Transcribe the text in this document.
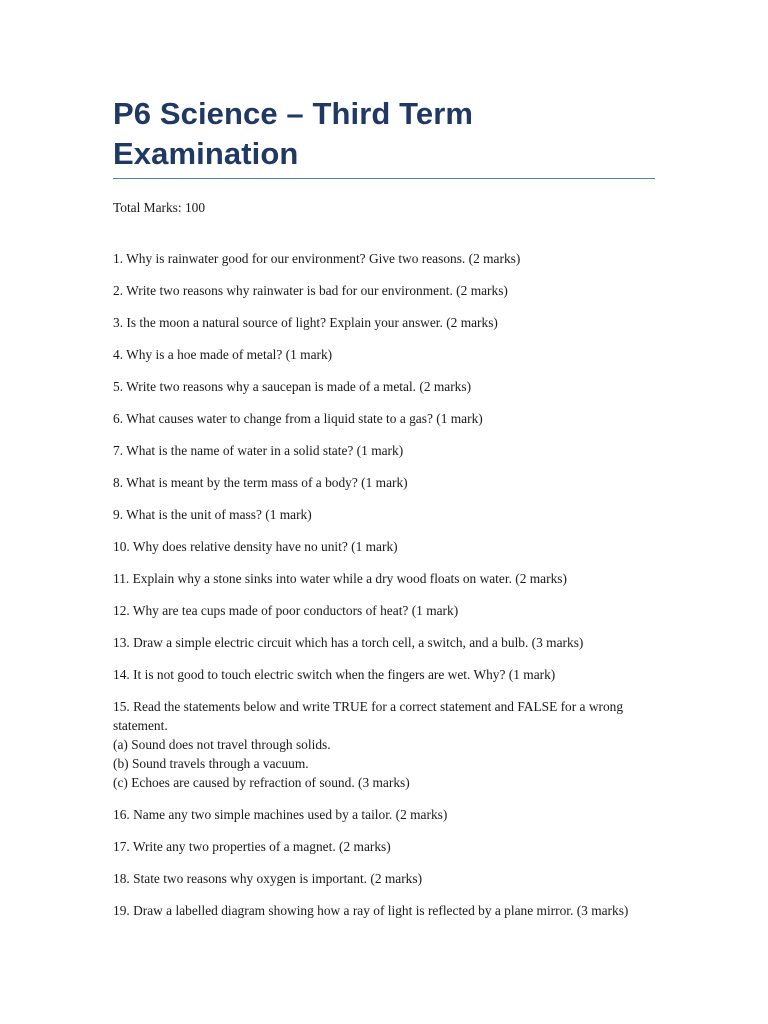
P6 Science – Third Term Examination

Total Marks: 100

1. Why is rainwater good for our environment? Give two reasons. (2 marks)

2. Write two reasons why rainwater is bad for our environment. (2 marks)

3. Is the moon a natural source of light? Explain your answer. (2 marks)

4. Why is a hoe made of metal? (1 mark)

5. Write two reasons why a saucepan is made of a metal. (2 marks)

6. What causes water to change from a liquid state to a gas? (1 mark)

7. What is the name of water in a solid state? (1 mark)

8. What is meant by the term mass of a body? (1 mark)

9. What is the unit of mass? (1 mark)

10. Why does relative density have no unit? (1 mark)

11. Explain why a stone sinks into water while a dry wood floats on water. (2 marks)

12. Why are tea cups made of poor conductors of heat? (1 mark)

13. Draw a simple electric circuit which has a torch cell, a switch, and a bulb. (3 marks)

14. It is not good to touch electric switch when the fingers are wet. Why? (1 mark)

15. Read the statements below and write TRUE for a correct statement and FALSE for a wrong statement.
(a) Sound does not travel through solids.
(b) Sound travels through a vacuum.
(c) Echoes are caused by refraction of sound. (3 marks)

16. Name any two simple machines used by a tailor. (2 marks)

17. Write any two properties of a magnet. (2 marks)

18. State two reasons why oxygen is important. (2 marks)

19. Draw a labelled diagram showing how a ray of light is reflected by a plane mirror. (3 marks)
